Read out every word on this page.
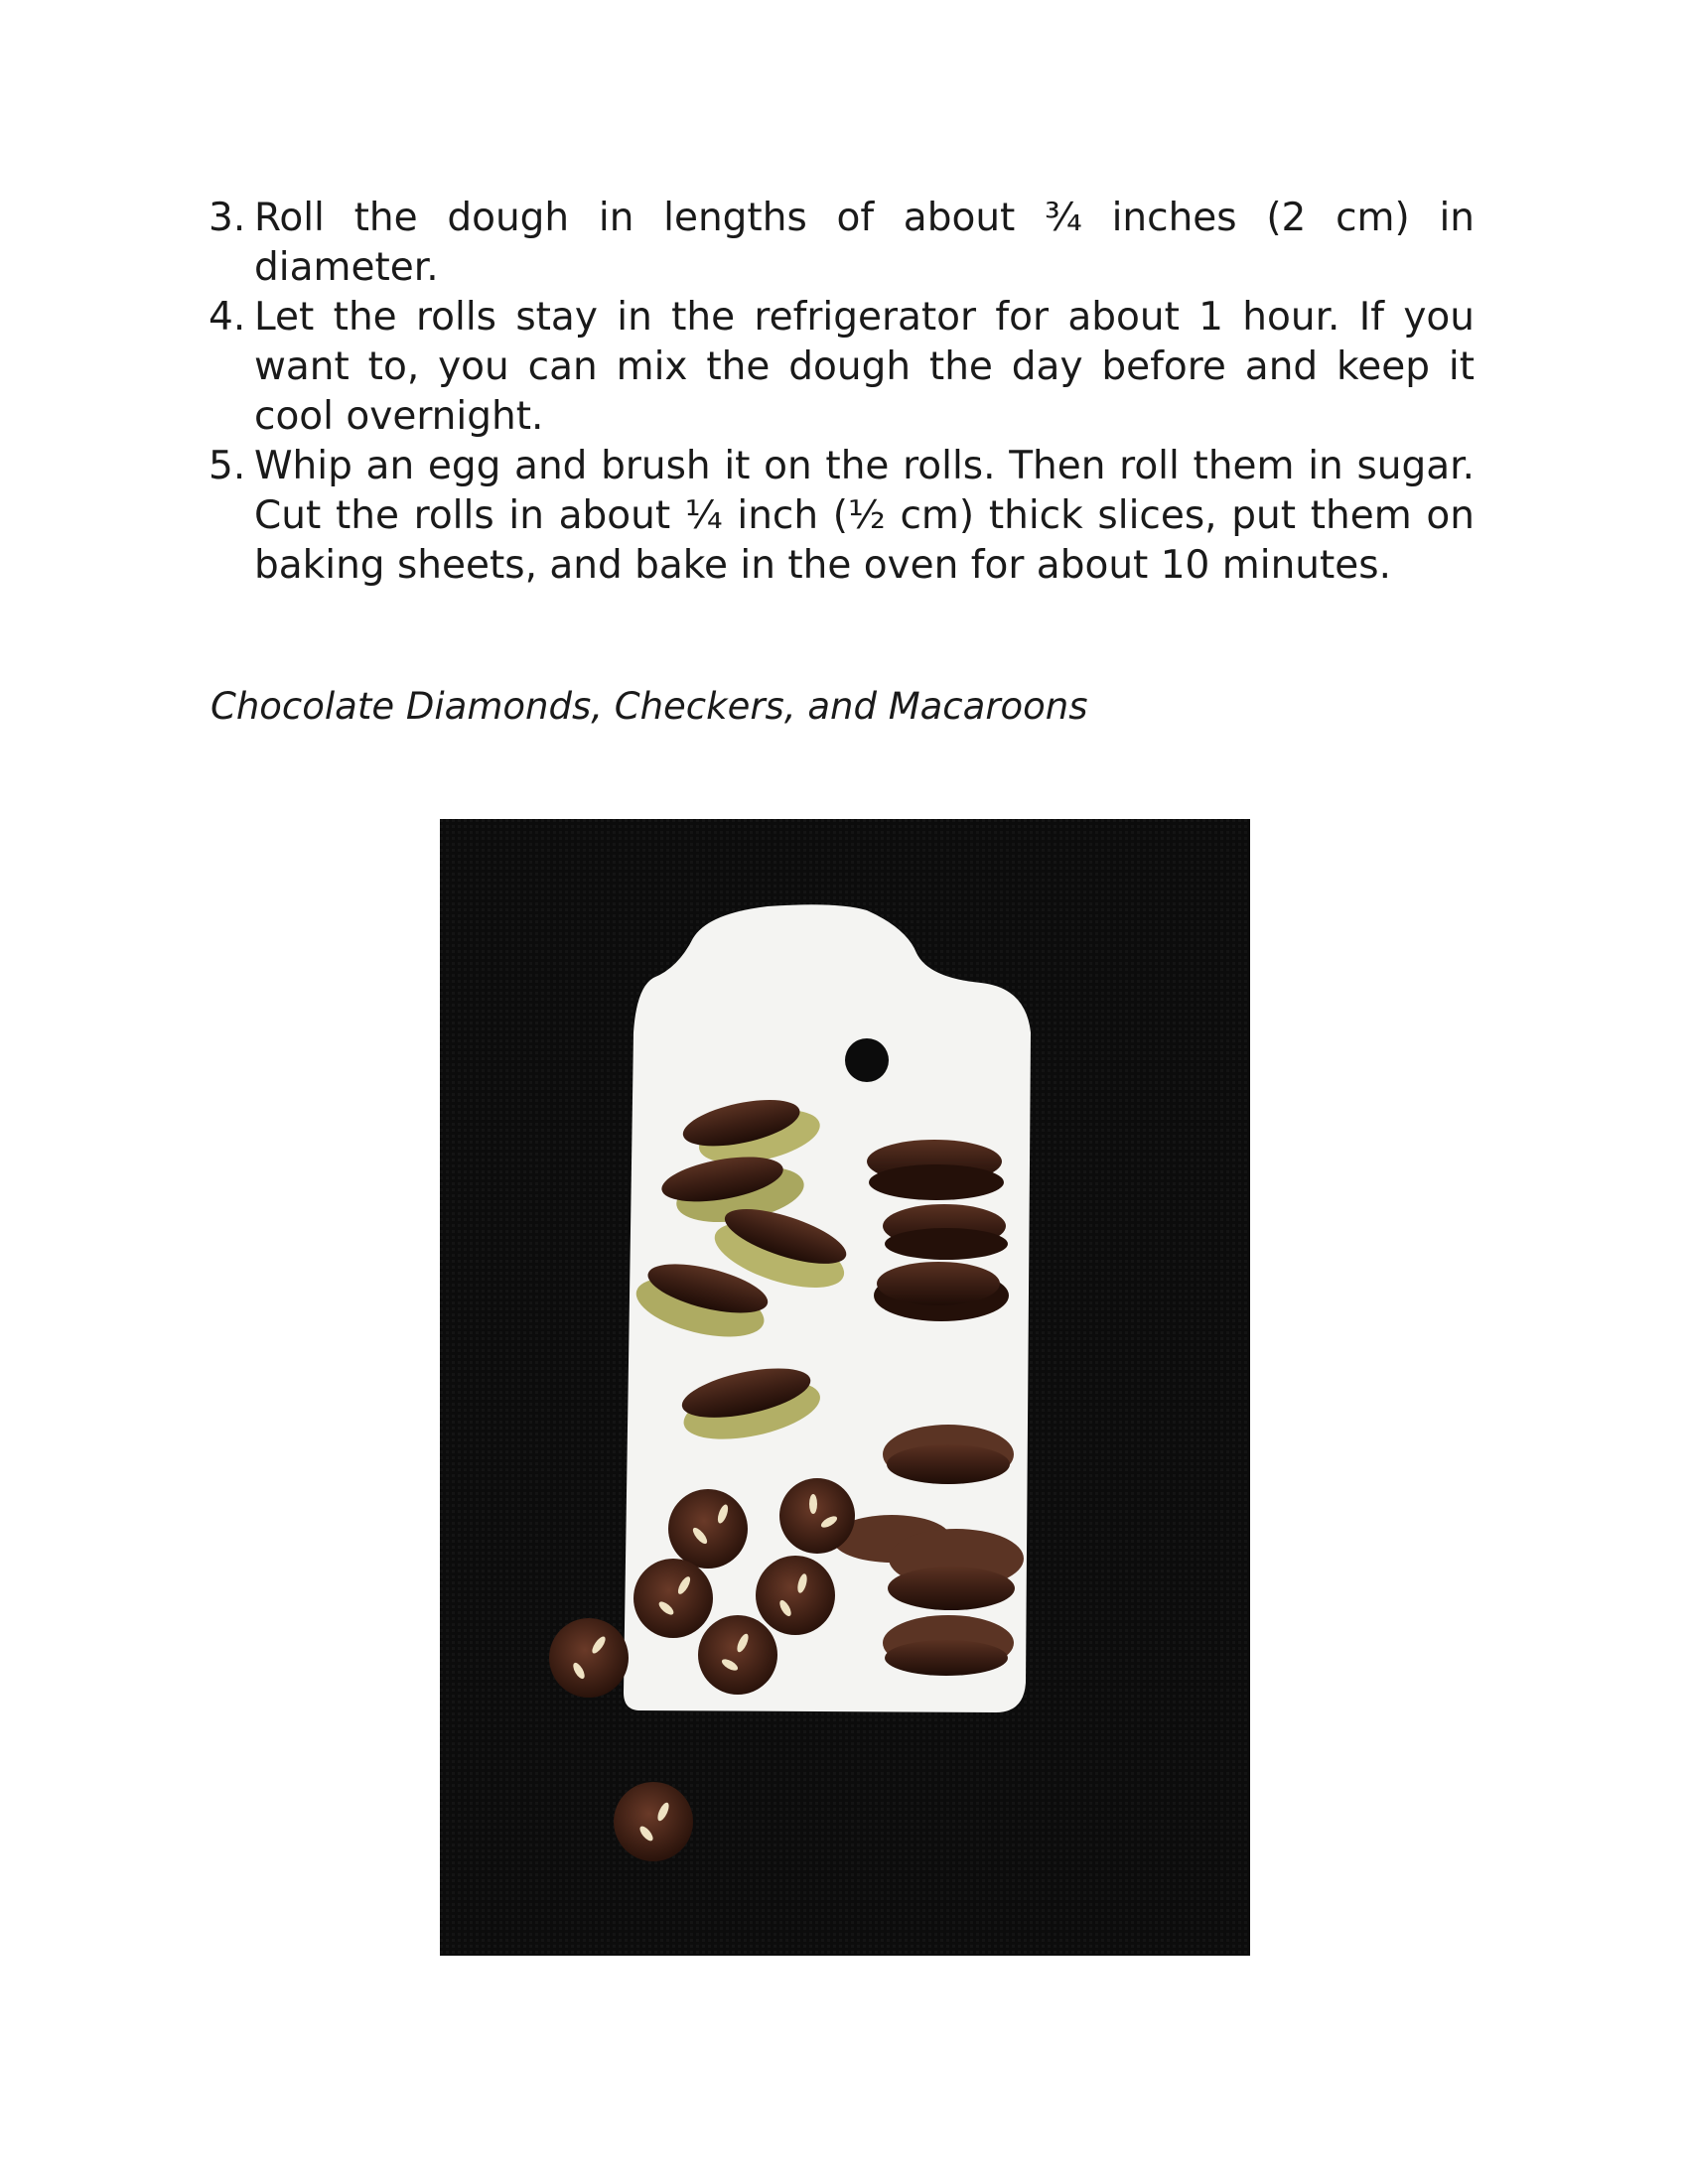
3. Roll the dough in lengths of about ¾ inches (2 cm) in diameter.
4. Let the rolls stay in the refrigerator for about 1 hour. If you want to, you can mix the dough the day before and keep it cool overnight.
5. Whip an egg and brush it on the rolls. Then roll them in sugar. Cut the rolls in about ¼ inch (½ cm) thick slices, put them on baking sheets, and bake in the oven for about 10 minutes.
Chocolate Diamonds, Checkers, and Macaroons
